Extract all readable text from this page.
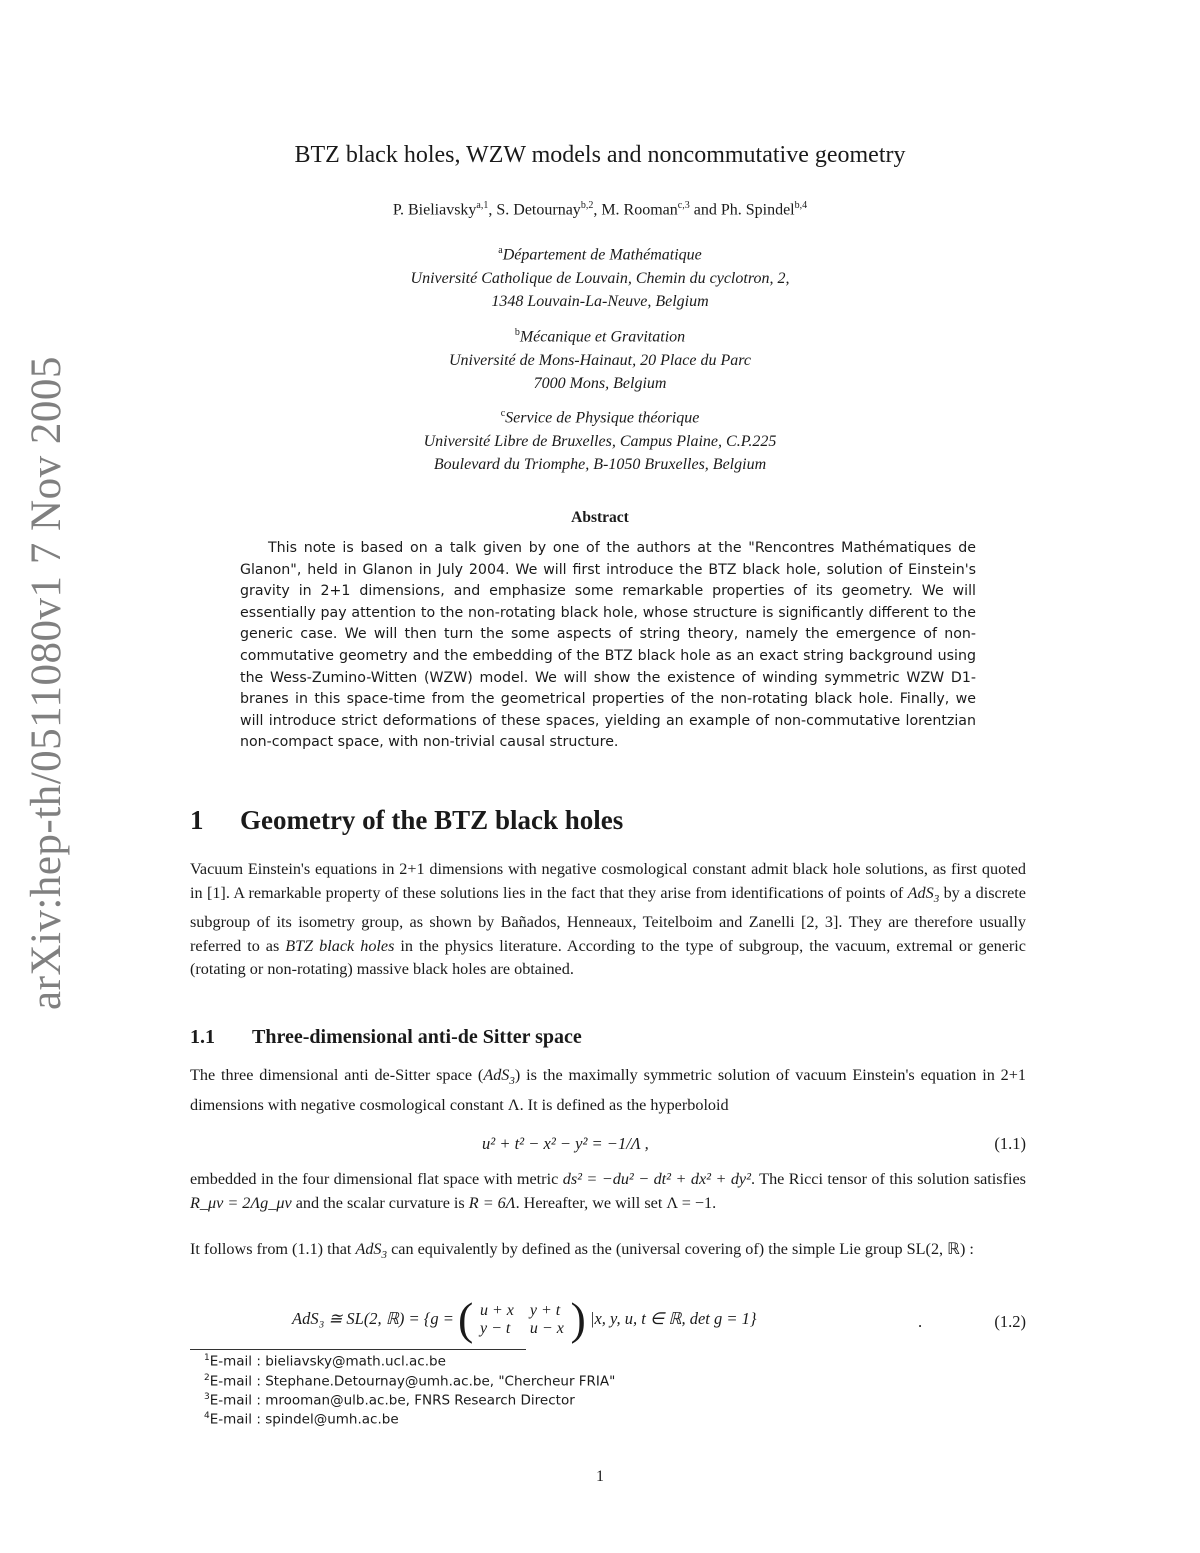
arXiv:hep-th/0511080v1 7 Nov 2005
BTZ black holes, WZW models and noncommutative geometry
P. Bieliavsky$^{a,1}$, S. Detournay$^{b,2}$, M. Rooman$^{c,3}$ and Ph. Spindel$^{b,4}$
$^a$Département de Mathématique
Université Catholique de Louvain, Chemin du cyclotron, 2,
1348 Louvain-La-Neuve, Belgium
$^b$Mécanique et Gravitation
Université de Mons-Hainaut, 20 Place du Parc
7000 Mons, Belgium
$^c$Service de Physique théorique
Université Libre de Bruxelles, Campus Plaine, C.P.225
Boulevard du Triomphe, B-1050 Bruxelles, Belgium
Abstract
This note is based on a talk given by one of the authors at the "Rencontres Mathématiques de Glanon", held in Glanon in July 2004. We will first introduce the BTZ black hole, solution of Einstein's gravity in 2+1 dimensions, and emphasize some remarkable properties of its geometry. We will essentially pay attention to the non-rotating black hole, whose structure is significantly different to the generic case. We will then turn the some aspects of string theory, namely the emergence of non-commutative geometry and the embedding of the BTZ black hole as an exact string background using the Wess-Zumino-Witten (WZW) model. We will show the existence of winding symmetric WZW D1-branes in this space-time from the geometrical properties of the non-rotating black hole. Finally, we will introduce strict deformations of these spaces, yielding an example of non-commutative lorentzian non-compact space, with non-trivial causal structure.
1 Geometry of the BTZ black holes
Vacuum Einstein's equations in 2+1 dimensions with negative cosmological constant admit black hole solutions, as first quoted in [1]. A remarkable property of these solutions lies in the fact that they arise from identifications of points of AdS$_3$ by a discrete subgroup of its isometry group, as shown by Bañados, Henneaux, Teitelboim and Zanelli [2, 3]. They are therefore usually referred to as BTZ black holes in the physics literature. According to the type of subgroup, the vacuum, extremal or generic (rotating or non-rotating) massive black holes are obtained.
1.1 Three-dimensional anti-de Sitter space
The three dimensional anti de-Sitter space (AdS$_3$) is the maximally symmetric solution of vacuum Einstein's equation in 2+1 dimensions with negative cosmological constant Λ. It is defined as the hyperboloid
u² + t² − x² − y² = −1/Λ ,	(1.1)
embedded in the four dimensional flat space with metric ds² = −du² − dt² + dx² + dy². The Ricci tensor of this solution satisfies R_μν = 2Λg_μν and the scalar curvature is R = 6Λ. Hereafter, we will set Λ = −1.
It follows from (1.1) that AdS$_3$ can equivalently by defined as the (universal covering of) the simple Lie group SL(2, ℝ) :
AdS₃ ≅ SL(2, ℝ) = {g = ( u + x	y + t
y − t	u − x ) |x, y, u, t ∈ ℝ, det g = 1}	.	(1.2)
$^1$E-mail : bieliavsky@math.ucl.ac.be
$^2$E-mail : Stephane.Detournay@umh.ac.be, "Chercheur FRIA"
$^3$E-mail : mrooman@ulb.ac.be, FNRS Research Director
$^4$E-mail : spindel@umh.ac.be
1
